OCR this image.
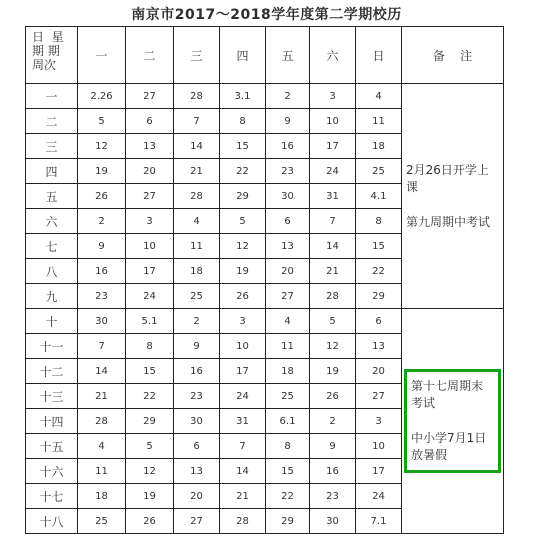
南京市2017～2018学年度第二学期校历
日  星
期 期
周次	一	二	三	四	五	六	日	备    注
一	2.26	27	28	3.1	2	3	4	2月26日开学上课

第九周期中考试

二	5	6	7	8	9	10	11	
三	12	13	14	15	16	17	18	
四	19	20	21	22	23	24	25	
五	26	27	28	29	30	31	4.1	
六	2	3	4	5	6	7	8	
七	9	10	11	12	13	14	15	
八	16	17	18	19	20	21	22	
九	23	24	25	26	27	28	29	
十	30	5.1	2	3	4	5	6	第十七周期末考试

中小学7月1日放暑假

十一	7	8	9	10	11	12	13	
十二	14	15	16	17	18	19	20	
十三	21	22	23	24	25	26	27	
十四	28	29	30	31	6.1	2	3	
十五	4	5	6	7	8	9	10	
十六	11	12	13	14	15	16	17	
十七	18	19	20	21	22	23	24	
十八	25	26	27	28	29	30	7.1	
